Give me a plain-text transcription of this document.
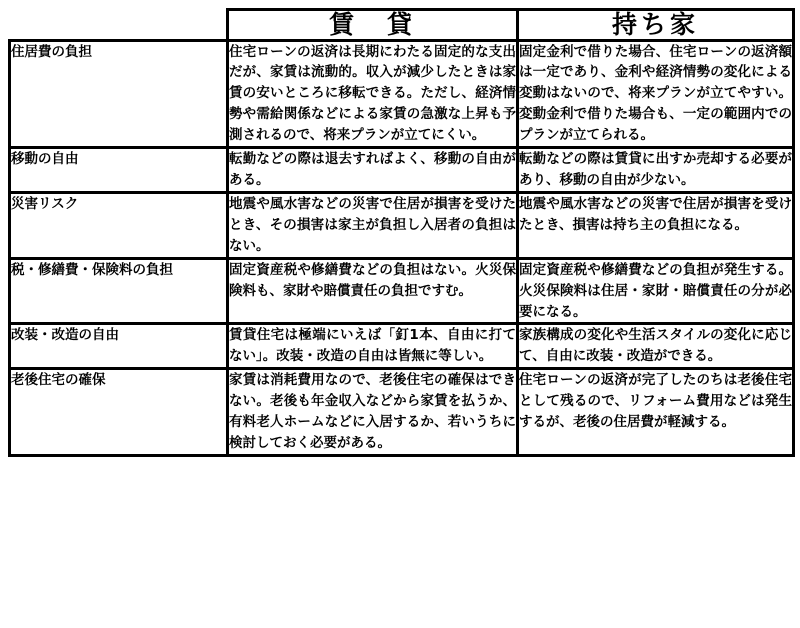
	賃　貸	持ち家
住居費の負担	住宅ローンの返済は長期にわたる固定的な支出だが、家賃は流動的。収入が減少したときは家賃の安いところに移転できる。ただし、経済情勢や需給関係などによる家賃の急激な上昇も予測されるので、将来プランが立てにくい。	固定金利で借りた場合、住宅ローンの返済額は一定であり、金利や経済情勢の変化による変動はないので、将来プランが立てやすい。変動金利で借りた場合も、一定の範囲内でのプランが立てられる。
移動の自由	転勤などの際は退去すればよく、移動の自由がある。	転勤などの際は賃貸に出すか売却する必要があり、移動の自由が少ない。
災害リスク	地震や風水害などの災害で住居が損害を受けたとき、その損害は家主が負担し入居者の負担はない。	地震や風水害などの災害で住居が損害を受けたとき、損害は持ち主の負担になる。
税・修繕費・保険料の負担	固定資産税や修繕費などの負担はない。火災保険料も、家財や賠償責任の負担ですむ。	固定資産税や修繕費などの負担が発生する。火災保険料は住居・家財・賠償責任の分が必要になる。
改装・改造の自由	賃貸住宅は極端にいえば「釘1本、自由に打てない」。改装・改造の自由は皆無に等しい。	家族構成の変化や生活スタイルの変化に応じて、自由に改装・改造ができる。
老後住宅の確保	家賃は消耗費用なので、老後住宅の確保はできない。老後も年金収入などから家賃を払うか、有料老人ホームなどに入居するか、若いうちに検討しておく必要がある。	住宅ローンの返済が完了したのちは老後住宅として残るので、リフォーム費用などは発生するが、老後の住居費が軽減する。
